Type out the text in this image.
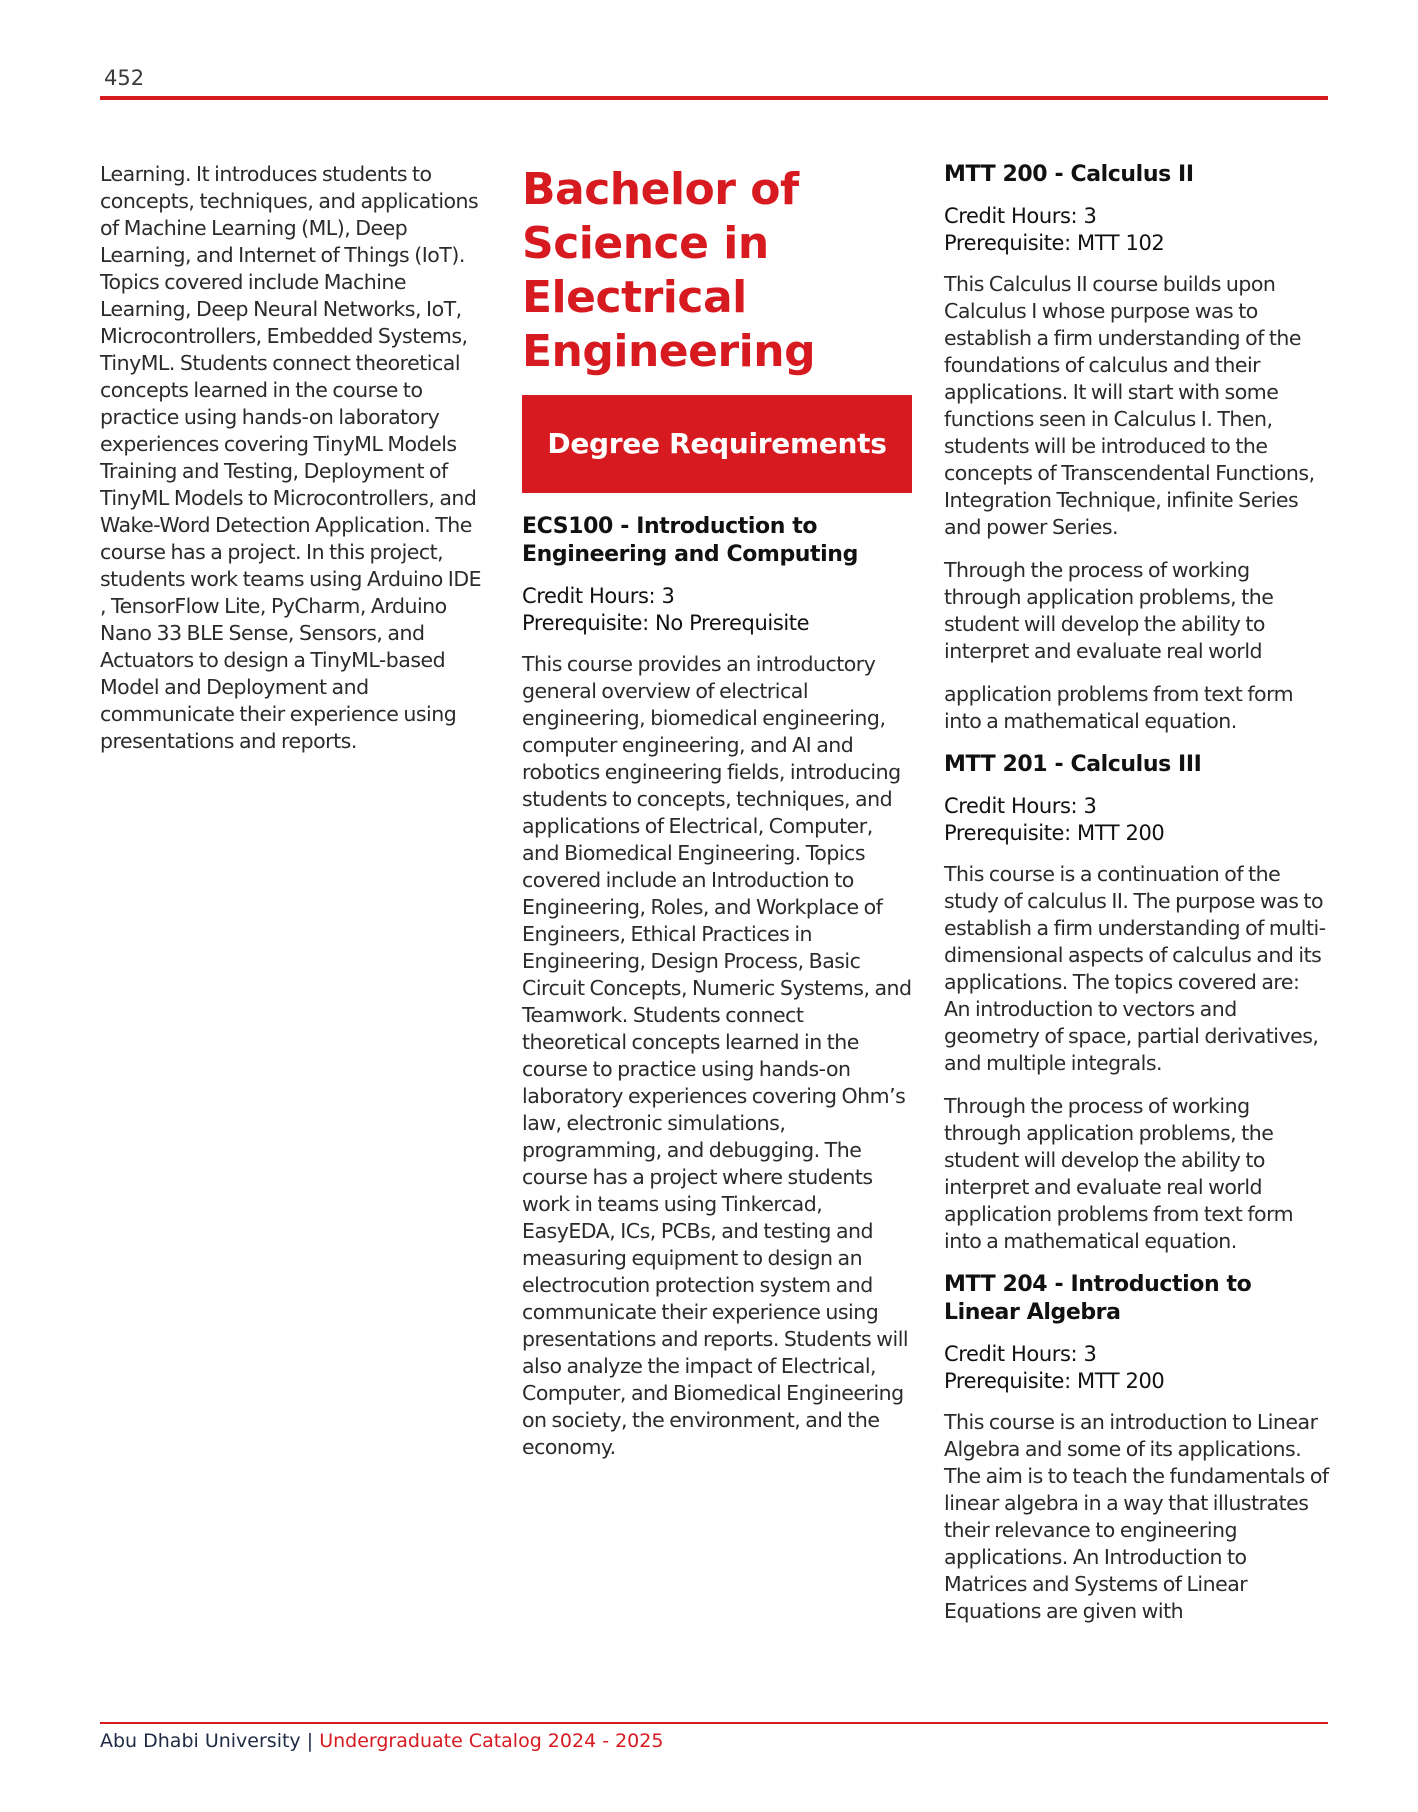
452

Learning. It introduces students to concepts, techniques, and applications of Machine Learning (ML), Deep Learning, and Internet of Things (IoT). Topics covered include Machine Learning, Deep Neural Networks, IoT, Microcontrollers, Embedded Systems, TinyML. Students connect theoretical concepts learned in the course to practice using hands-on laboratory experiences covering TinyML Models Training and Testing, Deployment of TinyML Models to Microcontrollers, and Wake-Word Detection Application. The course has a project. In this project, students work teams using Arduino IDE , TensorFlow Lite, PyCharm, Arduino Nano 33 BLE Sense, Sensors, and Actuators to design a TinyML-based Model and Deployment and communicate their experience using presentations and reports.

Bachelor of Science in Electrical Engineering
Degree Requirements
ECS100 - Introduction to Engineering and Computing
Credit Hours: 3
Prerequisite: No Prerequisite

This course provides an introductory general overview of electrical engineering, biomedical engineering, computer engineering, and AI and robotics engineering fields, introducing students to concepts, techniques, and applications of Electrical, Computer, and Biomedical Engineering. Topics covered include an Introduction to Engineering, Roles, and Workplace of Engineers, Ethical Practices in Engineering, Design Process, Basic Circuit Concepts, Numeric Systems, and Teamwork. Students connect theoretical concepts learned in the course to practice using hands-on laboratory experiences covering Ohm’s law, electronic simulations, programming, and debugging. The course has a project where students work in teams using Tinkercad, EasyEDA, ICs, PCBs, and testing and measuring equipment to design an electrocution protection system and communicate their experience using presentations and reports. Students will also analyze the impact of Electrical, Computer, and Biomedical Engineering on society, the environment, and the economy.

MTT 200 - Calculus II
Credit Hours: 3
Prerequisite: MTT 102

This Calculus II course builds upon Calculus I whose purpose was to establish a firm understanding of the foundations of calculus and their applications. It will start with some functions seen in Calculus I. Then, students will be introduced to the concepts of Transcendental Functions, Integration Technique, infinite Series and power Series.

Through the process of working through application problems, the student will develop the ability to interpret and evaluate real world

application problems from text form into a mathematical equation.

MTT 201 - Calculus III
Credit Hours: 3
Prerequisite: MTT 200

This course is a continuation of the study of calculus II. The purpose was to establish a firm understanding of multi-dimensional aspects of calculus and its applications. The topics covered are: An introduction to vectors and geometry of space, partial derivatives, and multiple integrals.

Through the process of working through application problems, the student will develop the ability to interpret and evaluate real world application problems from text form into a mathematical equation.

MTT 204 - Introduction to Linear Algebra
Credit Hours: 3
Prerequisite: MTT 200

This course is an introduction to Linear Algebra and some of its applications. The aim is to teach the fundamentals of linear algebra in a way that illustrates their relevance to engineering applications. An Introduction to Matrices and Systems of Linear Equations are given with

Abu Dhabi University | Undergraduate Catalog 2024 - 2025
